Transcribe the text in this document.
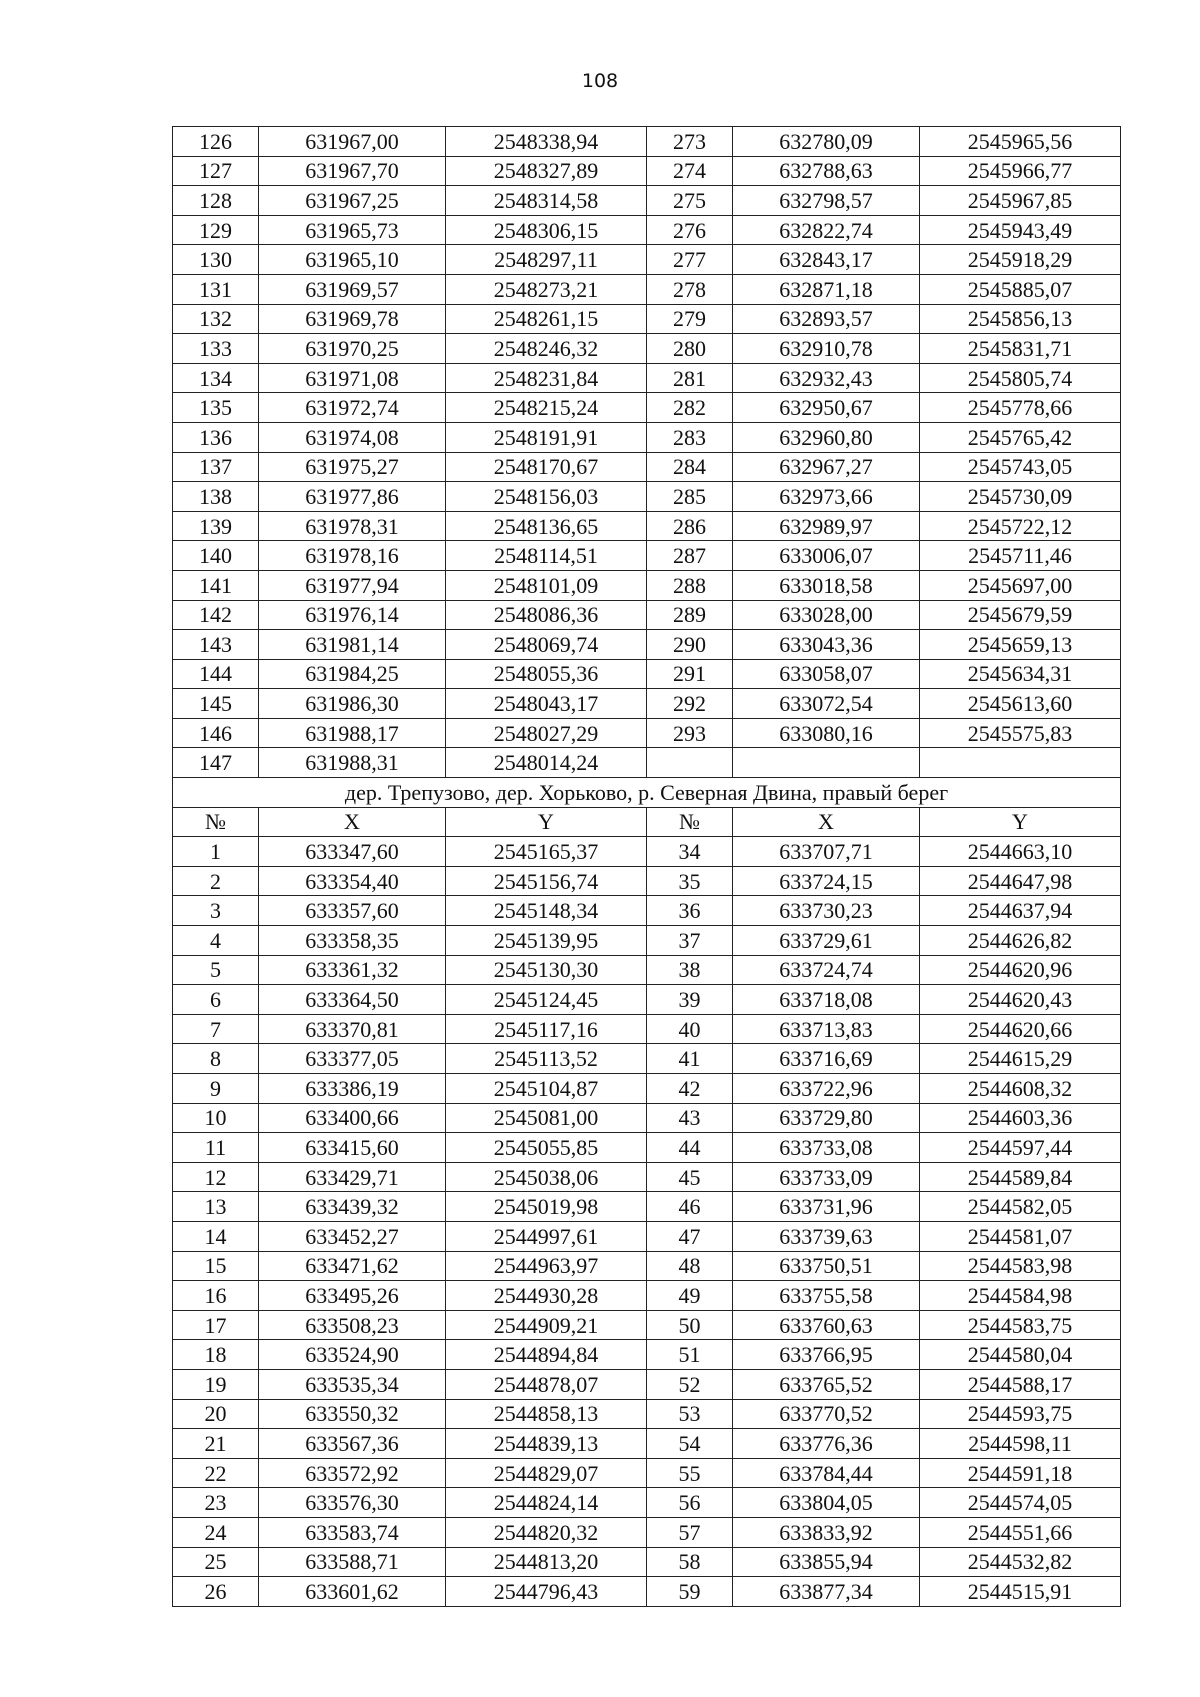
108
126	631967,00	2548338,94	273	632780,09	2545965,56
127	631967,70	2548327,89	274	632788,63	2545966,77
128	631967,25	2548314,58	275	632798,57	2545967,85
129	631965,73	2548306,15	276	632822,74	2545943,49
130	631965,10	2548297,11	277	632843,17	2545918,29
131	631969,57	2548273,21	278	632871,18	2545885,07
132	631969,78	2548261,15	279	632893,57	2545856,13
133	631970,25	2548246,32	280	632910,78	2545831,71
134	631971,08	2548231,84	281	632932,43	2545805,74
135	631972,74	2548215,24	282	632950,67	2545778,66
136	631974,08	2548191,91	283	632960,80	2545765,42
137	631975,27	2548170,67	284	632967,27	2545743,05
138	631977,86	2548156,03	285	632973,66	2545730,09
139	631978,31	2548136,65	286	632989,97	2545722,12
140	631978,16	2548114,51	287	633006,07	2545711,46
141	631977,94	2548101,09	288	633018,58	2545697,00
142	631976,14	2548086,36	289	633028,00	2545679,59
143	631981,14	2548069,74	290	633043,36	2545659,13
144	631984,25	2548055,36	291	633058,07	2545634,31
145	631986,30	2548043,17	292	633072,54	2545613,60
146	631988,17	2548027,29	293	633080,16	2545575,83
147	631988,31	2548014,24			
дер. Трепузово, дер. Хорьково, р. Северная Двина, правый берег					
№	X	Y	№	X	Y
1	633347,60	2545165,37	34	633707,71	2544663,10
2	633354,40	2545156,74	35	633724,15	2544647,98
3	633357,60	2545148,34	36	633730,23	2544637,94
4	633358,35	2545139,95	37	633729,61	2544626,82
5	633361,32	2545130,30	38	633724,74	2544620,96
6	633364,50	2545124,45	39	633718,08	2544620,43
7	633370,81	2545117,16	40	633713,83	2544620,66
8	633377,05	2545113,52	41	633716,69	2544615,29
9	633386,19	2545104,87	42	633722,96	2544608,32
10	633400,66	2545081,00	43	633729,80	2544603,36
11	633415,60	2545055,85	44	633733,08	2544597,44
12	633429,71	2545038,06	45	633733,09	2544589,84
13	633439,32	2545019,98	46	633731,96	2544582,05
14	633452,27	2544997,61	47	633739,63	2544581,07
15	633471,62	2544963,97	48	633750,51	2544583,98
16	633495,26	2544930,28	49	633755,58	2544584,98
17	633508,23	2544909,21	50	633760,63	2544583,75
18	633524,90	2544894,84	51	633766,95	2544580,04
19	633535,34	2544878,07	52	633765,52	2544588,17
20	633550,32	2544858,13	53	633770,52	2544593,75
21	633567,36	2544839,13	54	633776,36	2544598,11
22	633572,92	2544829,07	55	633784,44	2544591,18
23	633576,30	2544824,14	56	633804,05	2544574,05
24	633583,74	2544820,32	57	633833,92	2544551,66
25	633588,71	2544813,20	58	633855,94	2544532,82
26	633601,62	2544796,43	59	633877,34	2544515,91
